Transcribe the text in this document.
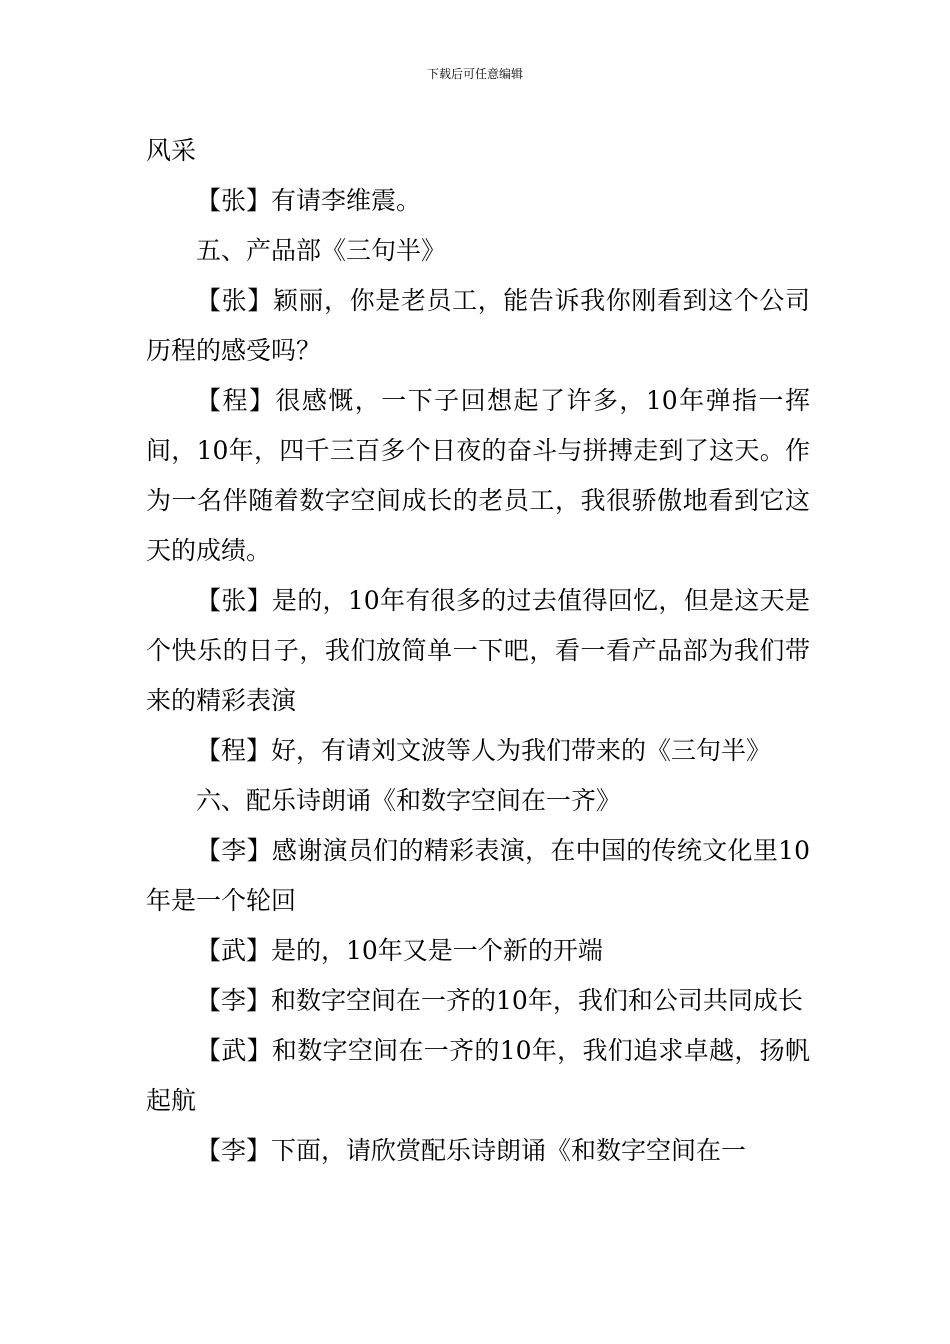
下载后可任意编辑

风采

【张】有请李维震。

五、产品部《三句半》

【张】颖丽，你是老员工，能告诉我你刚看到这个公司历程的感受吗？

【程】很感慨，一下子回想起了许多，10年弹指一挥间，10年，四千三百多个日夜的奋斗与拼搏走到了这天。作为一名伴随着数字空间成长的老员工，我很骄傲地看到它这天的成绩。

【张】是的，10年有很多的过去值得回忆，但是这天是个快乐的日子，我们放简单一下吧，看一看产品部为我们带来的精彩表演

【程】好，有请刘文波等人为我们带来的《三句半》

六、配乐诗朗诵《和数字空间在一齐》

【李】感谢演员们的精彩表演，在中国的传统文化里10年是一个轮回

【武】是的，10年又是一个新的开端

【李】和数字空间在一齐的10年，我们和公司共同成长

【武】和数字空间在一齐的10年，我们追求卓越，扬帆起航

【李】下面，请欣赏配乐诗朗诵《和数字空间在一
